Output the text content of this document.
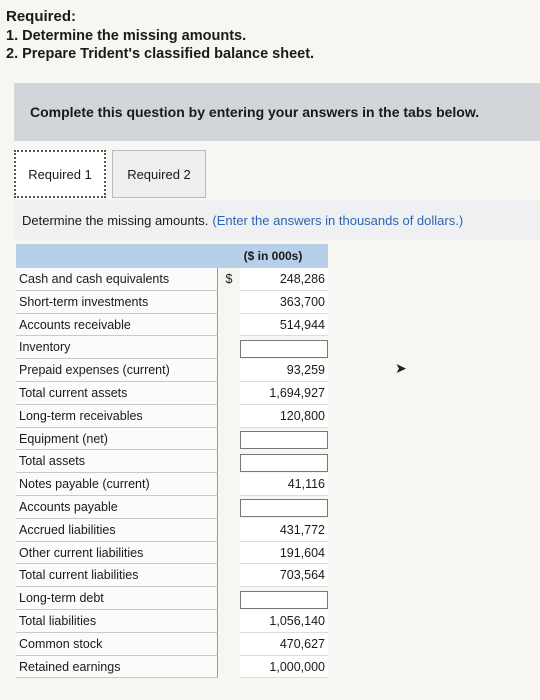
Required:
1. Determine the missing amounts.
2. Prepare Trident's classified balance sheet.
Complete this question by entering your answers in the tabs below.
Required 1	Required 2
Determine the missing amounts. (Enter the answers in thousands of dollars.)
($ in 000s)
Cash and cash equivalents	$	248,286
Short-term investments	363,700
Accounts receivable	514,944
Inventory
Prepaid expenses (current)	93,259
Total current assets	1,694,927
Long-term receivables	120,800
Equipment (net)
Total assets
Notes payable (current)	41,116
Accounts payable
Accrued liabilities	431,772
Other current liabilities	191,604
Total current liabilities	703,564
Long-term debt
Total liabilities	1,056,140
Common stock	470,627
Retained earnings	1,000,000
➤
